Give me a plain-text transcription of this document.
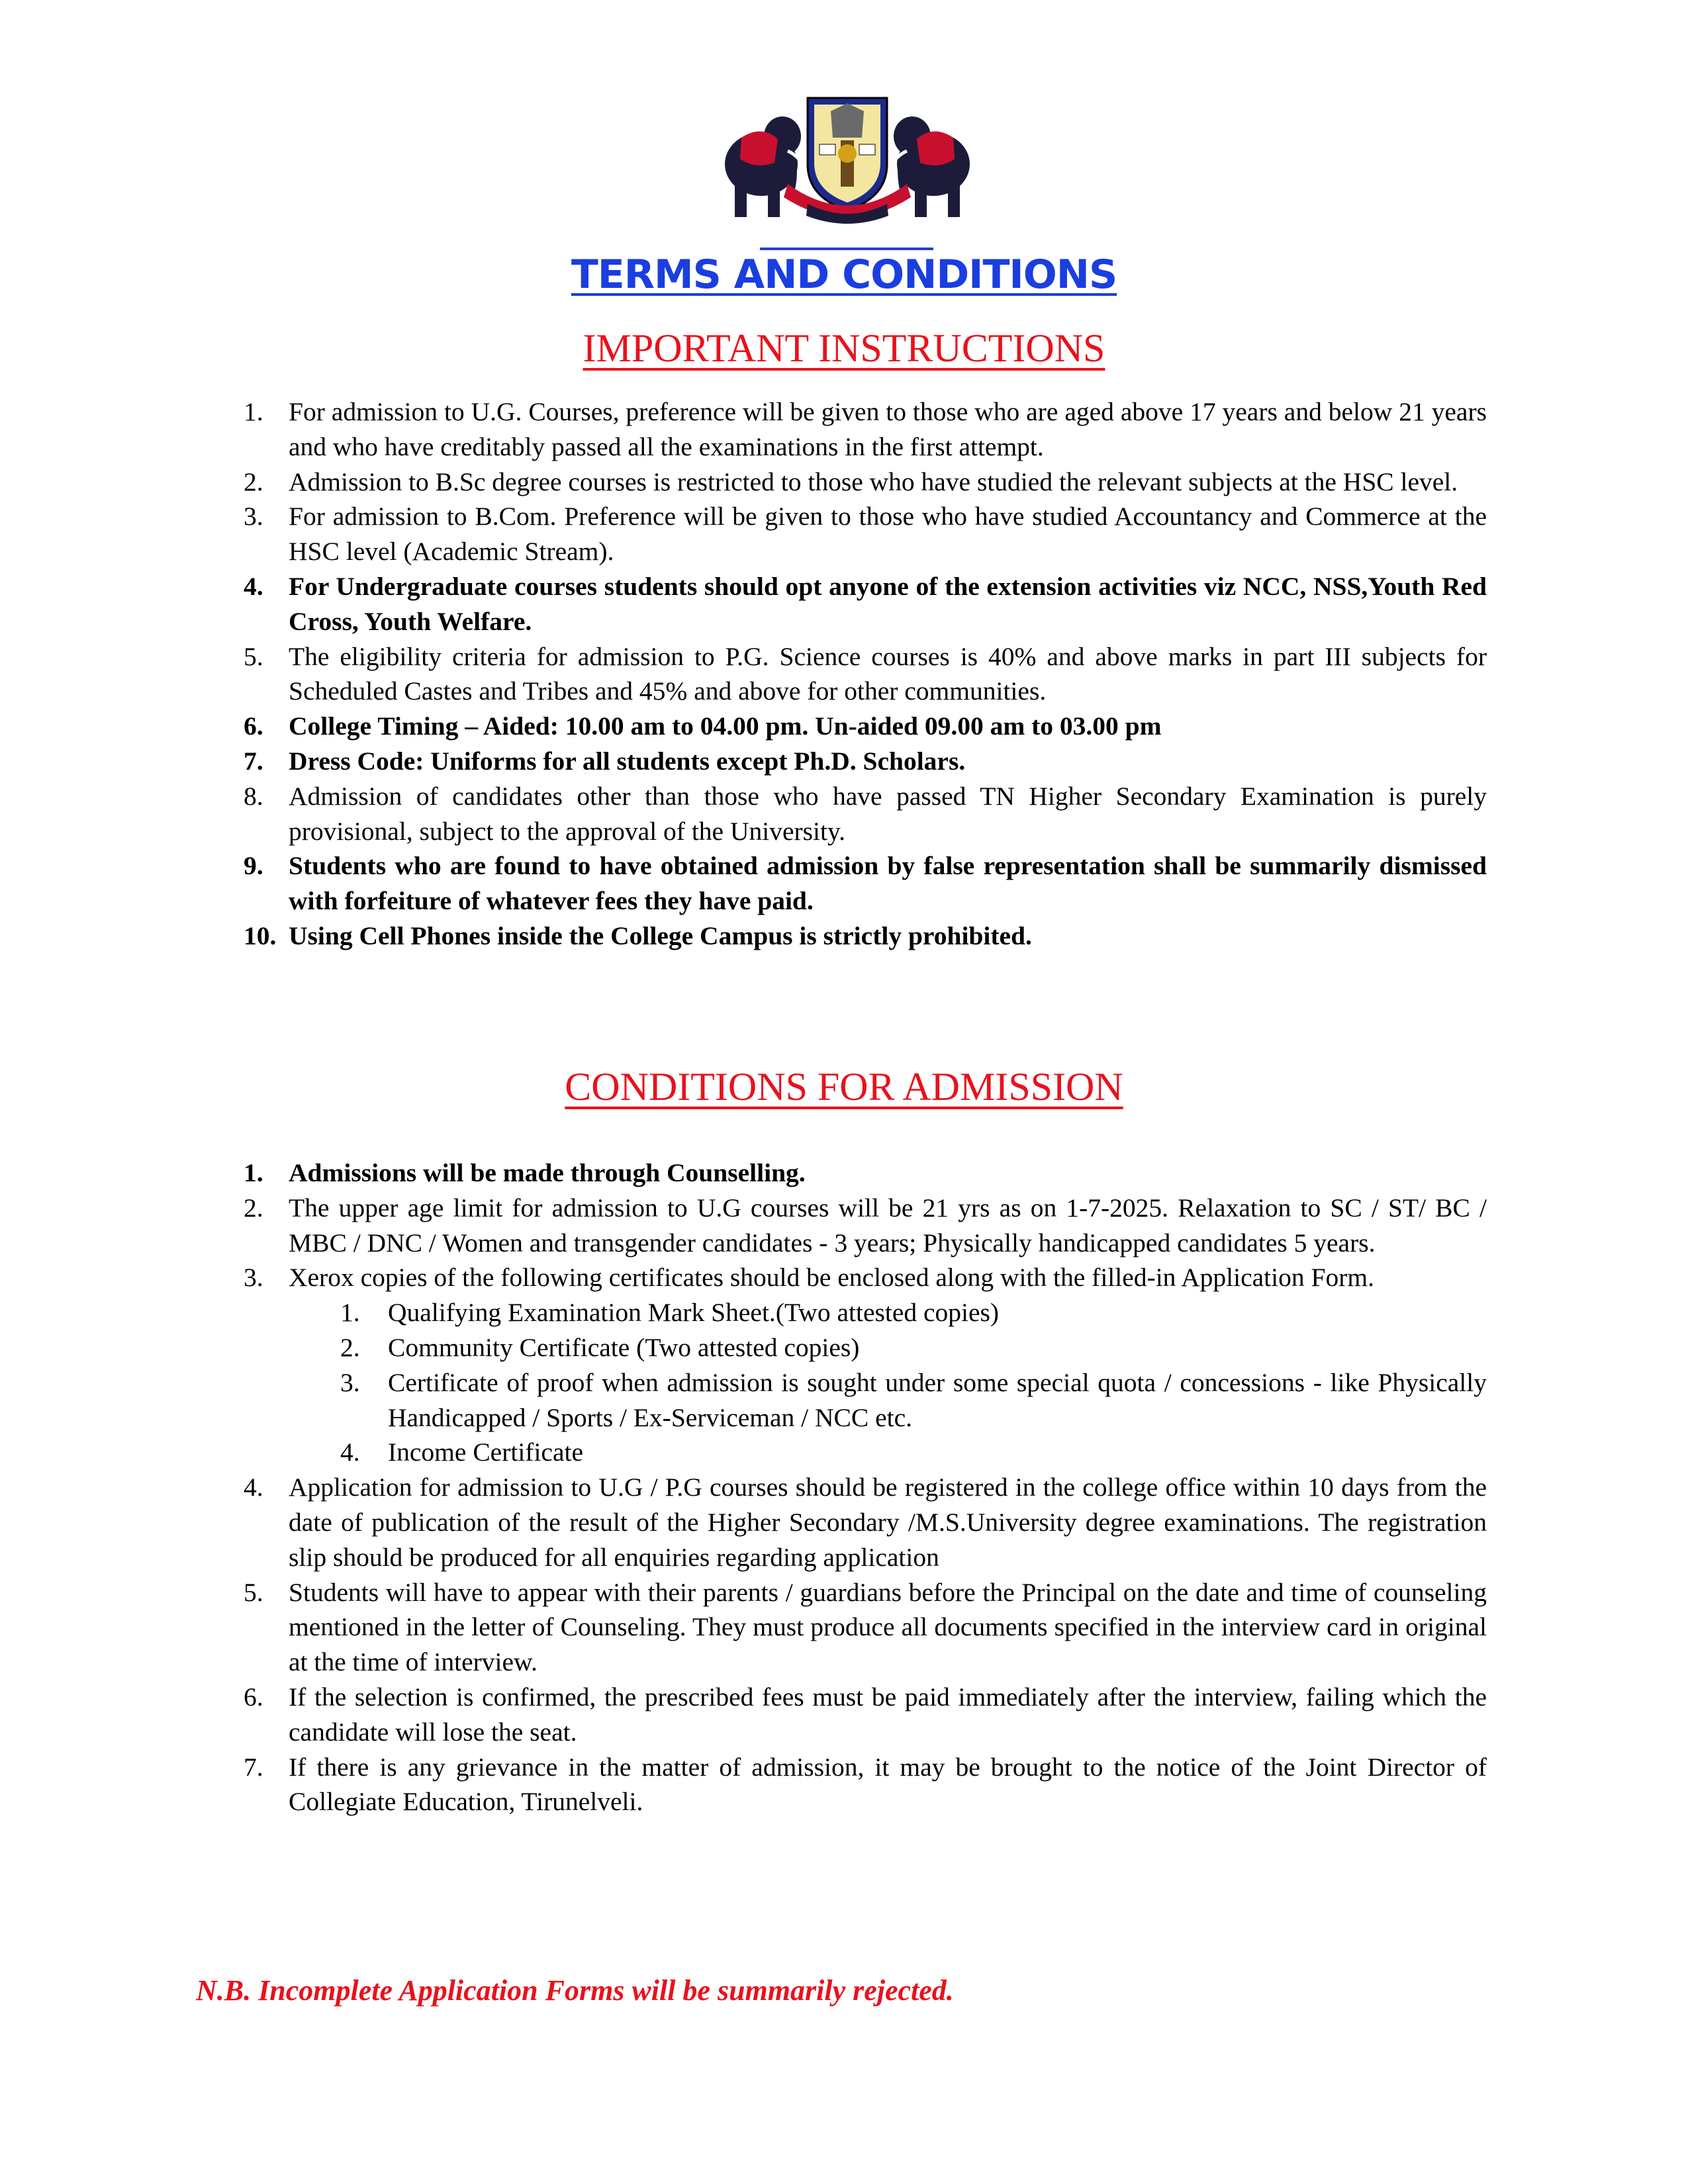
TERMS AND CONDITIONS
IMPORTANT INSTRUCTIONS
1. For admission to U.G. Courses, preference will be given to those who are aged above 17 years and below 21 years and who have creditably passed all the examinations in the first attempt.
2. Admission to B.Sc degree courses is restricted to those who have studied the relevant subjects at the HSC level.
3. For admission to B.Com. Preference will be given to those who have studied Accountancy and Commerce at the HSC level (Academic Stream).
4. For Undergraduate courses students should opt anyone of the extension activities viz NCC, NSS,Youth Red Cross, Youth Welfare.
5. The eligibility criteria for admission to P.G. Science courses is 40% and above marks in part III subjects for Scheduled Castes and Tribes and 45% and above for other communities.
6. College Timing – Aided: 10.00 am to 04.00 pm. Un-aided 09.00 am to 03.00 pm
7. Dress Code: Uniforms for all students except Ph.D. Scholars.
8. Admission of candidates other than those who have passed TN Higher Secondary Examination is purely provisional, subject to the approval of the University.
9. Students who are found to have obtained admission by false representation shall be summarily dismissed with forfeiture of whatever fees they have paid.
10. Using Cell Phones inside the College Campus is strictly prohibited.
CONDITIONS FOR ADMISSION
1. Admissions will be made through Counselling.
2. The upper age limit for admission to U.G courses will be 21 yrs as on 1-7-2025. Relaxation to SC / ST/ BC / MBC / DNC / Women and transgender candidates - 3 years; Physically handicapped candidates 5 years.
3. Xerox copies of the following certificates should be enclosed along with the filled-in Application Form.
1. Qualifying Examination Mark Sheet.(Two attested copies)
2. Community Certificate (Two attested copies)
3. Certificate of proof when admission is sought under some special quota / concessions - like Physically Handicapped / Sports / Ex-Serviceman / NCC etc.
4. Income Certificate
4. Application for admission to U.G / P.G courses should be registered in the college office within 10 days from the date of publication of the result of the Higher Secondary /M.S.University degree examinations. The registration slip should be produced for all enquiries regarding application
5. Students will have to appear with their parents / guardians before the Principal on the date and time of counseling mentioned in the letter of Counseling. They must produce all documents specified in the interview card in original at the time of interview.
6. If the selection is confirmed, the prescribed fees must be paid immediately after the interview, failing which the candidate will lose the seat.
7. If there is any grievance in the matter of admission, it may be brought to the notice of the Joint Director of Collegiate Education, Tirunelveli.
N.B. Incomplete Application Forms will be summarily rejected.
